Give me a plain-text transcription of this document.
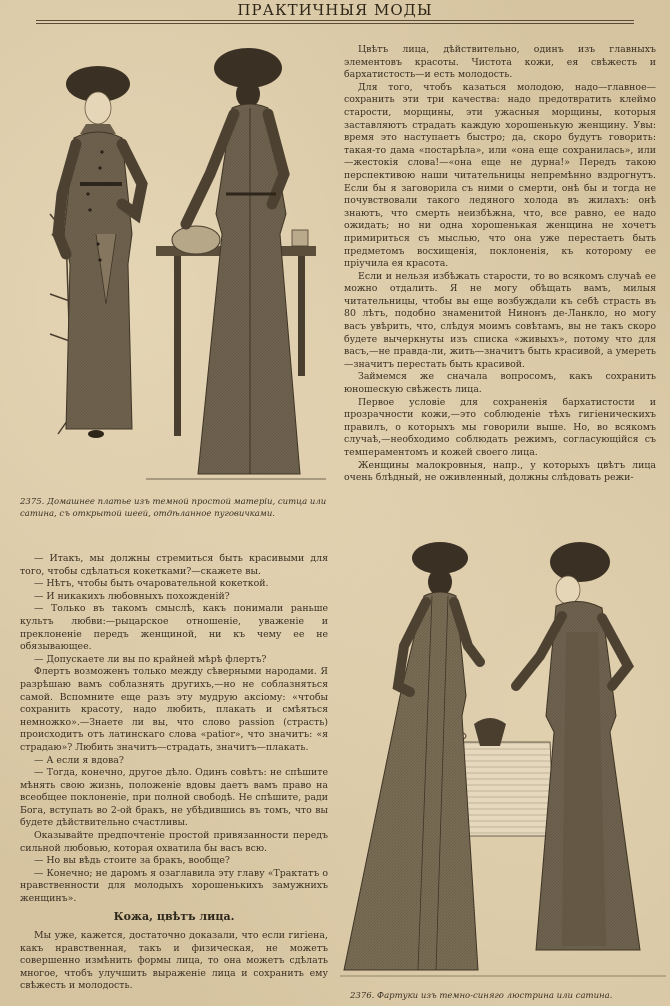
ПРАКТИЧНЫЯ МОДЫ
2375. Домашнее платье изъ темной простой матеріи, ситца или сатина, съ открытой шеей, отдѣланное пуговичками.

Цвѣтъ лица, дѣйствительно, одинъ изъ главныхъ элементовъ красоты. Чистота кожи, ея свѣжесть и бархатистость—и есть молодость.

Для того, чтобъ казаться молодою, надо—главное—сохранить эти три качества: надо предотвратить клеймо старости, морщины, эти ужасныя морщины, которыя заставляютъ страдать каждую хорошенькую женщину. Увы: время это наступаетъ быстро; да, скоро будутъ говорить: такая-то дама «постарѣла», или «она еще сохранилась», или—жестокія слова!—«она еще не дурна!» Передъ такою перспективою наши читательницы непремѣнно вздрогнутъ. Если бы я заговорила съ ними о смерти, онѣ бы и тогда не почувствовали такого ледяного холода въ жилахъ: онѣ знаютъ, что смерть неизбѣжна, что, все равно, ее надо ожидать; но ни одна хорошенькая женщина не хочетъ примириться съ мыслью, что она уже перестаетъ быть предметомъ восхищенія, поклоненія, къ которому ее пріучила ея красота.

Если и нельзя избѣжать старости, то во всякомъ случаѣ ее можно отдалить. Я не могу обѣщать вамъ, милыя читательницы, чтобы вы еще возбуждали къ себѣ страсть въ 80 лѣтъ, подобно знаменитой Нинонъ де-Ланкло, но могу васъ увѣрить, что, слѣдуя моимъ совѣтамъ, вы не такъ скоро будете вычеркнуты изъ списка «живыхъ», потому что для васъ,—не правда-ли, жить—значитъ быть красивой, а умереть—значитъ перестать быть красивой.

Займемся же сначала вопросомъ, какъ сохранить юношескую свѣжесть лица.

Первое условіе для сохраненія бархатистости и прозрачности кожи,—это соблюденіе тѣхъ гигіеническихъ правилъ, о которыхъ мы говорили выше. Но, во всякомъ случаѣ,—необходимо соблюдать режимъ, согласующійся съ темпераментомъ и кожей своего лица.

Женщины малокровныя, напр., у которыхъ цвѣтъ лица очень блѣдный, не оживленный, должны слѣдовать режи-

— Итакъ, мы должны стремиться быть красивыми для того, чтобы сдѣлаться кокетками?—скажете вы.

— Нѣтъ, чтобы быть очаровательной кокеткой.

— И никакихъ любовныхъ похожденій?

— Только въ такомъ смыслѣ, какъ понимали раньше культъ любви:—рыцарское отношеніе, уваженіе и преклоненіе передъ женщиной, ни къ чему ее не обязывающее.

— Допускаете ли вы по крайней мѣрѣ флертъ?

Флертъ возможенъ только между сѣверными народами. Я разрѣшаю вамъ соблазнять другихъ,—но не соблазняться самой. Вспомните еще разъ эту мудрую аксіому: «чтобы сохранить красоту, надо любить, плакать и смѣяться немножко».—Знаете ли вы, что слово passion (страсть) происходитъ отъ латинскаго слова «patior», что значитъ: «я страдаю»? Любить значитъ—страдать, значитъ—плакать.

— А если я вдова?

— Тогда, конечно, другое дѣло. Одинъ совѣтъ: не спѣшите мѣнять свою жизнь, положеніе вдовы даетъ вамъ право на всеобщее поклоненіе, при полной свободѣ. Не спѣшите, ради Бога, вступать во 2-ой бракъ, не убѣдившись въ томъ, что вы будете дѣйствительно счастливы.

Оказывайте предпочтеніе простой привязанности передъ сильной любовью, которая охватила бы васъ всю.

— Но вы вѣдь стоите за бракъ, вообще?

— Конечно; не даромъ я озаглавила эту главу «Трактатъ о нравственности для молодыхъ хорошенькихъ замужнихъ женщинъ».

Кожа, цвѣтъ лица.

Мы уже, кажется, достаточно доказали, что если гигіена, какъ нравственная, такъ и физическая, не можетъ совершенно измѣнить формы лица, то она можетъ сдѣлать многое, чтобъ улучшить выраженіе лица и сохранить ему свѣжесть и молодость.

2376. Фартуки изъ темно-синяго люстрина или сатина.
